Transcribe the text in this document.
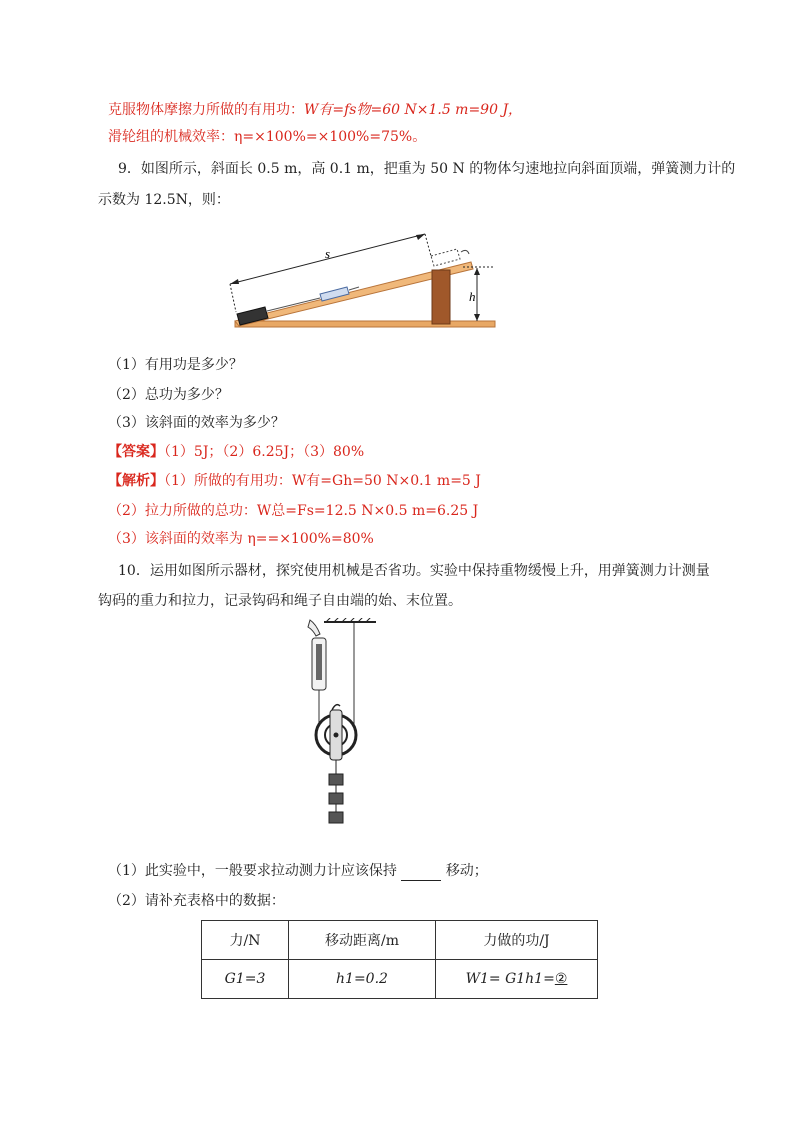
克服物体摩擦力所做的有用功：W有=fs物=60 N×1.5 m=90 J，
滑轮组的机械效率：η=×100%=×100%=75%。
9．如图所示，斜面长 0.5 m，高 0.1 m，把重为 50 N 的物体匀速地拉向斜面顶端，弹簧测力计的
示数为 12.5N，则：
s
h
（1）有用功是多少？
（2）总功为多少？
（3）该斜面的效率为多少？
【答案】（1）5J；（2）6.25J；（3）80%
【解析】（1）所做的有用功：W有=Gh=50 N×0.1 m=5 J
（2）拉力所做的总功：W总=Fs=12.5 N×0.5 m=6.25 J
（3）该斜面的效率为 η==×100%=80%
10．运用如图所示器材，探究使用机械是否省功。实验中保持重物缓慢上升，用弹簧测力计测量
钩码的重力和拉力，记录钩码和绳子自由端的始、末位置。
（1）此实验中，一般要求拉动测力计应该保持	移动；
（2）请补充表格中的数据：
力/N	移动距离/m	力做的功/J
G1=3	h1=0.2	W1= G1h1=②
